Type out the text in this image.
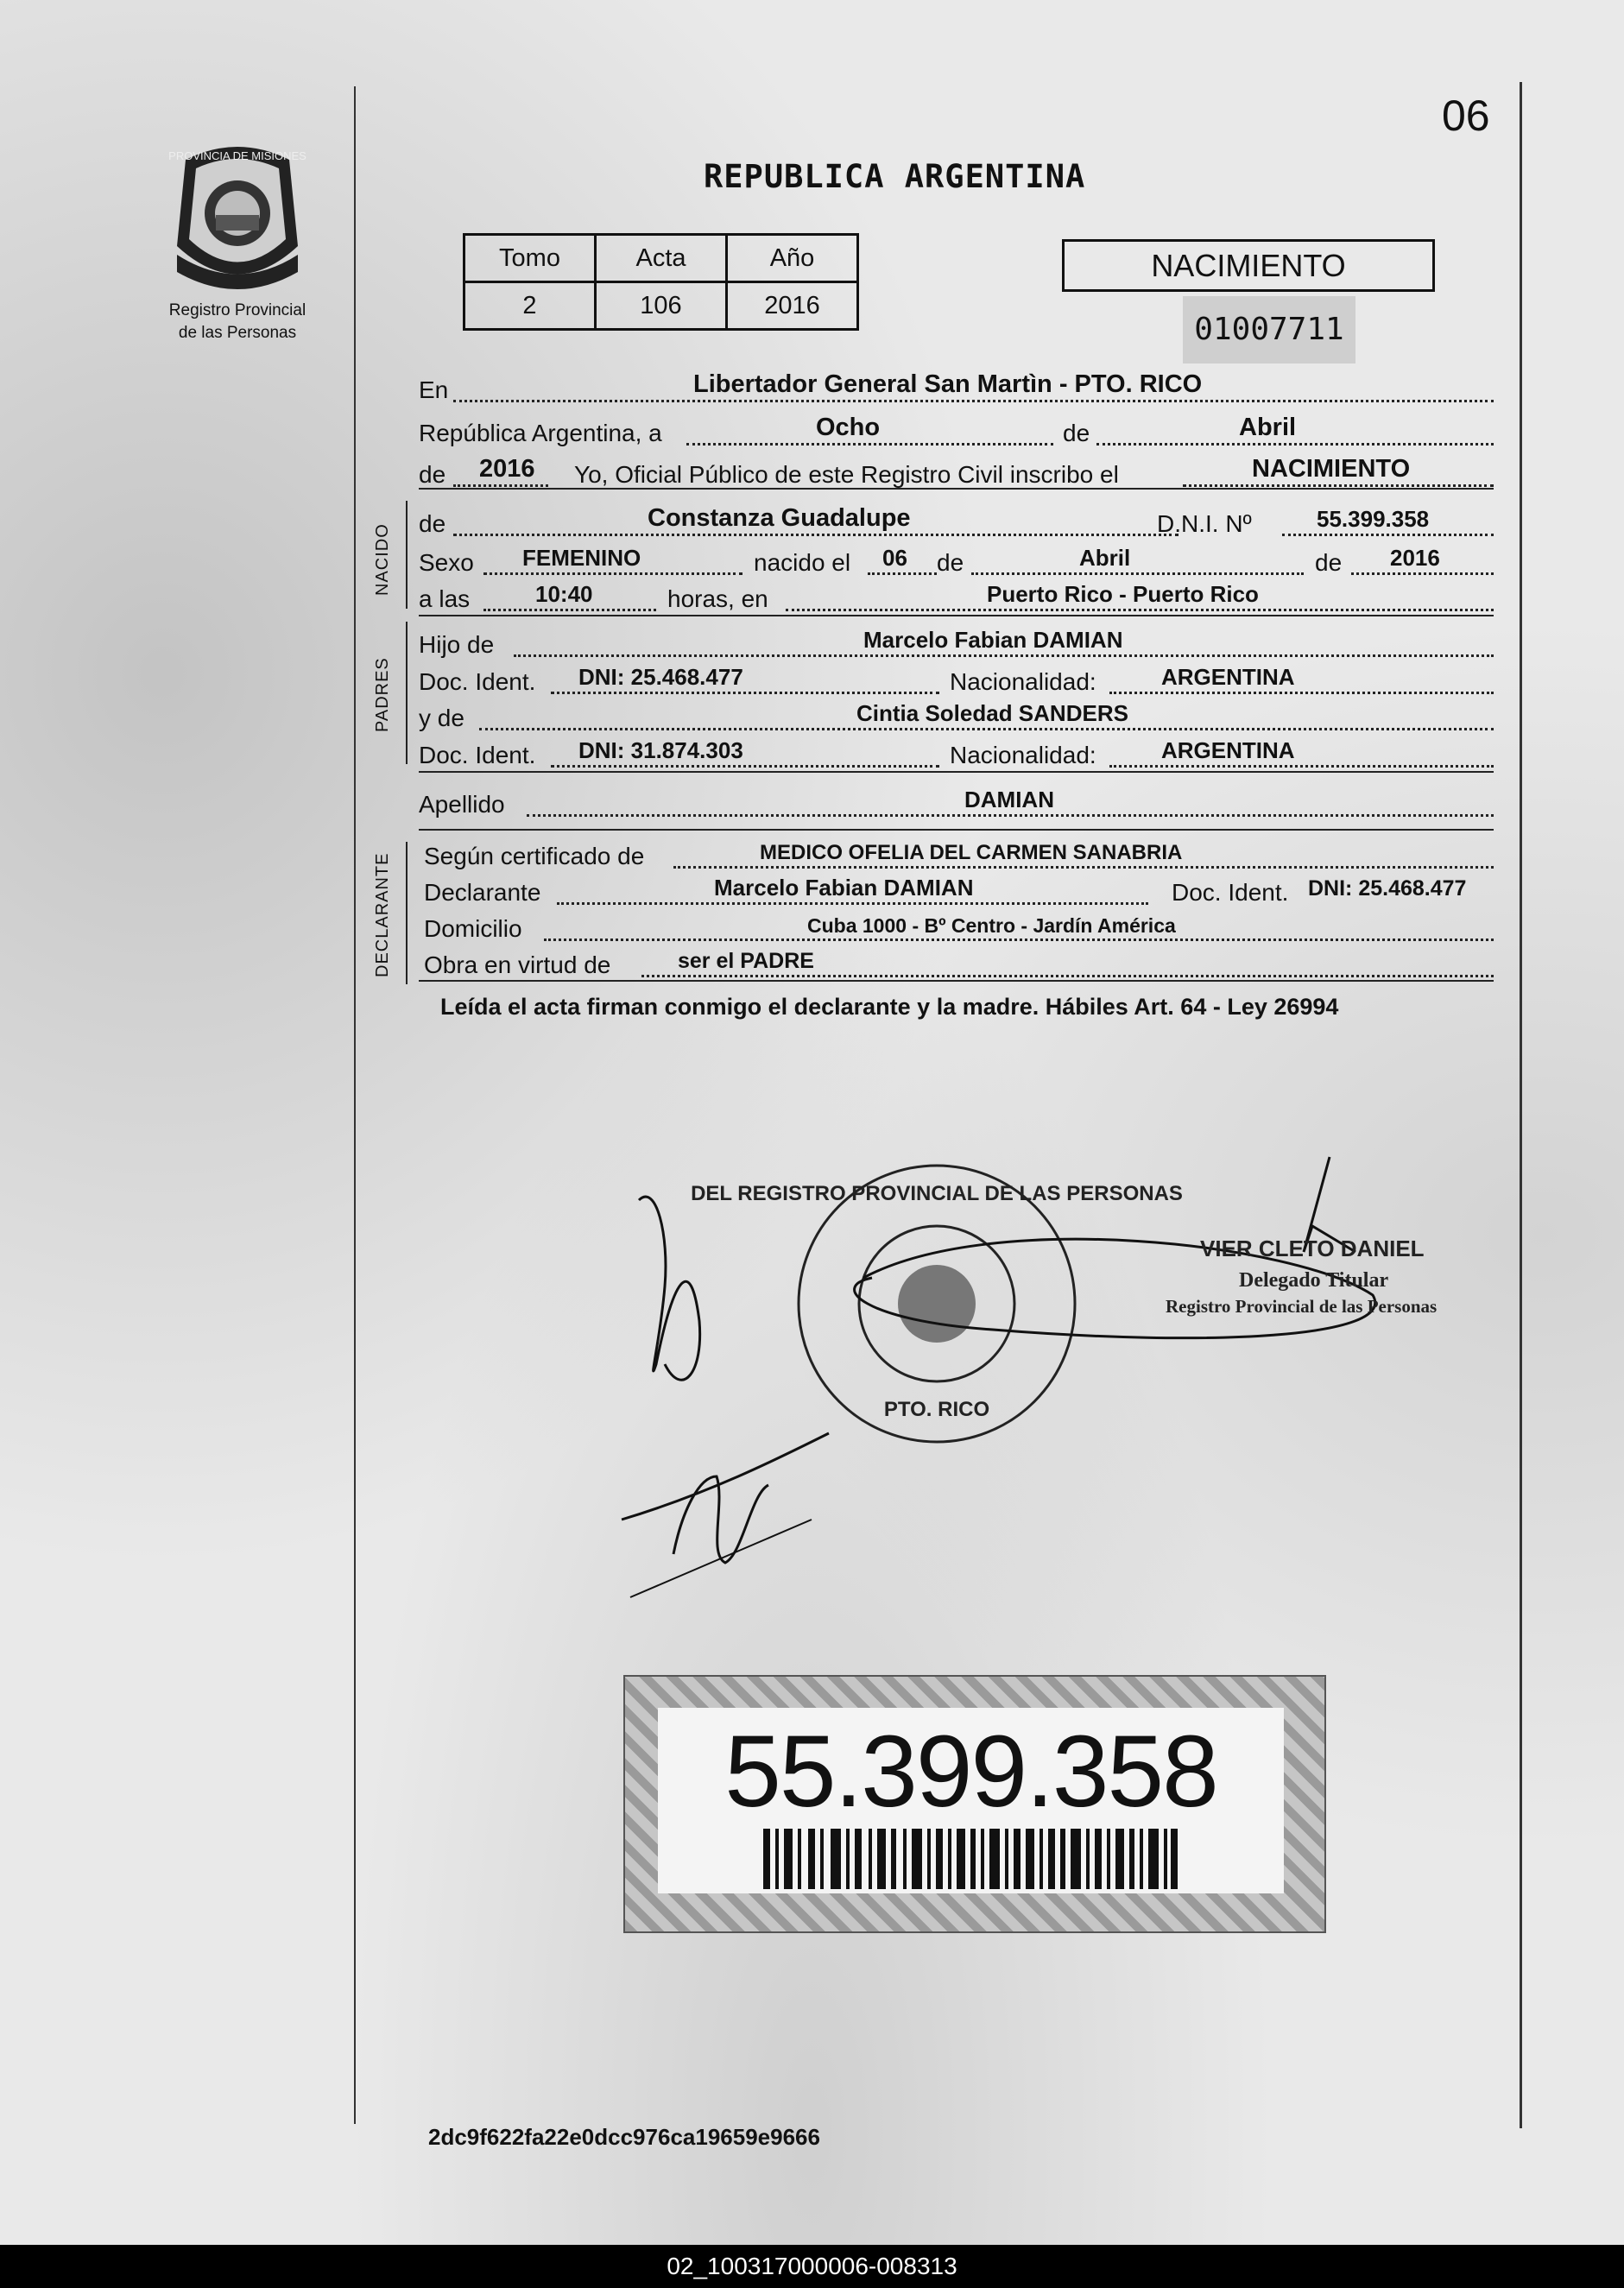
06
PROVINCIA DE MISIONES
Registro Provincial
de las Personas
REPUBLICA ARGENTINA
Tomo	Acta	Año
2	106	2016
NACIMIENTO
01007711
En	Libertador General San Martìn - PTO. RICO
República Argentina, a	Ocho	de	Abril
de 2016 Yo, Oficial Público de este Registro Civil inscribo el	NACIMIENTO
NACIDO de	Constanza Guadalupe	D.N.I. Nº	55.399.358
Sexo FEMENINO	nacido el 06 de	Abril	de 2016
a las	10:40	horas, en	Puerto Rico - Puerto Rico
PADRES
Hijo de	Marcelo Fabian DAMIAN
Doc. Ident. DNI: 25.468.477	Nacionalidad:	ARGENTINA
y de	Cintia Soledad SANDERS
Doc. Ident. DNI: 31.874.303	Nacionalidad:	ARGENTINA
Apellido	DAMIAN
DECLARANTE Según certificado de	MEDICO OFELIA DEL CARMEN SANABRIA
Declarante	Marcelo Fabian DAMIAN	Doc. Ident. DNI: 25.468.477
Domicilio	Cuba 1000 - Bº Centro - Jardín América
Obra en virtud de	ser el PADRE
Leída el acta firman conmigo el declarante y la madre. Hábiles Art. 64 - Ley 26994
DEL REGISTRO PROVINCIAL DE LAS PERSONAS
PTO. RICO
VIER CLETO DANIEL
Delegado Titular
Registro Provincial de las Personas
55.399.358
2dc9f622fa22e0dcc976ca19659e9666
02_100317000006-008313
